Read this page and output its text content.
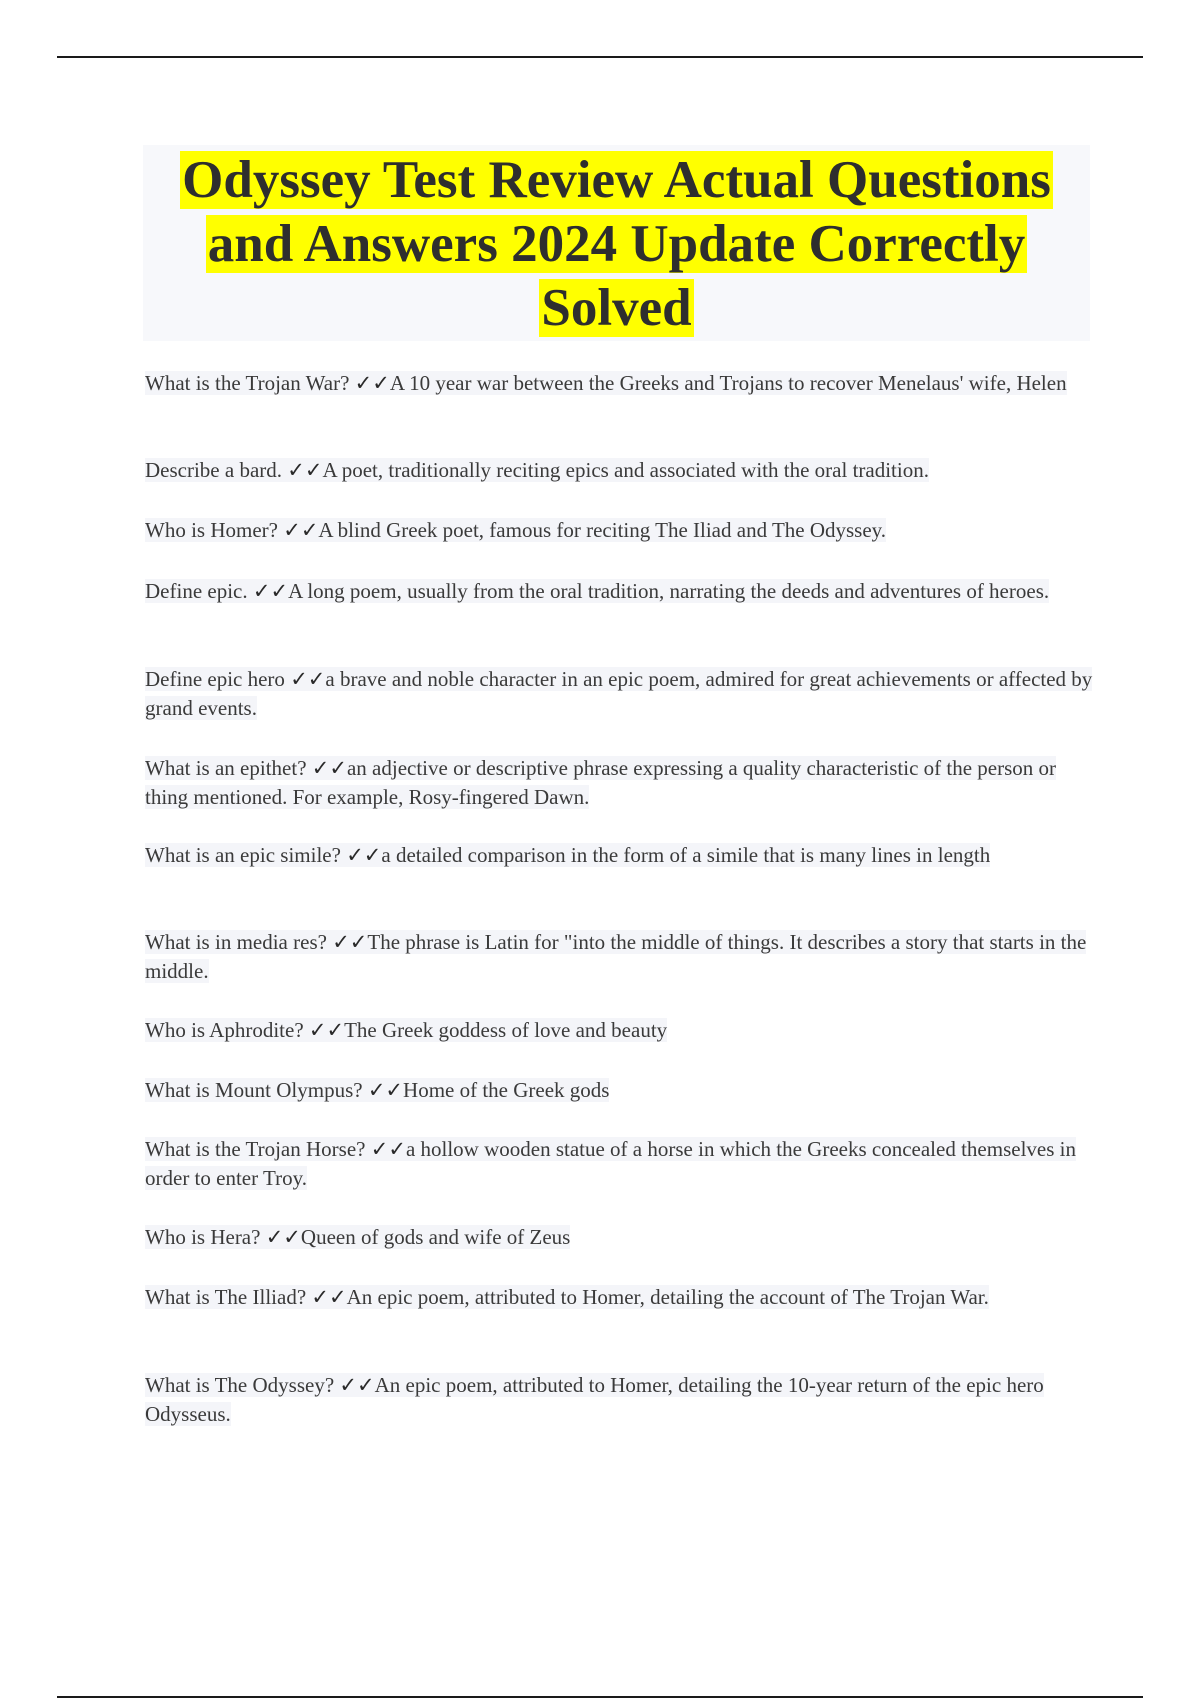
Odyssey Test Review Actual Questions and Answers 2024 Update Correctly Solved
What is the Trojan War? ✓✓A 10 year war between the Greeks and Trojans to recover Menelaus' wife, Helen
Describe a bard. ✓✓A poet, traditionally reciting epics and associated with the oral tradition.
Who is Homer? ✓✓A blind Greek poet, famous for reciting The Iliad and The Odyssey.
Define epic. ✓✓A long poem, usually from the oral tradition, narrating the deeds and adventures of heroes.
Define epic hero ✓✓a brave and noble character in an epic poem, admired for great achievements or affected by grand events.
What is an epithet? ✓✓an adjective or descriptive phrase expressing a quality characteristic of the person or thing mentioned. For example, Rosy-fingered Dawn.
What is an epic simile? ✓✓a detailed comparison in the form of a simile that is many lines in length
What is in media res? ✓✓The phrase is Latin for "into the middle of things. It describes a story that starts in the middle.
Who is Aphrodite? ✓✓The Greek goddess of love and beauty
What is Mount Olympus? ✓✓Home of the Greek gods
What is the Trojan Horse? ✓✓a hollow wooden statue of a horse in which the Greeks concealed themselves in order to enter Troy.
Who is Hera? ✓✓Queen of gods and wife of Zeus
What is The Illiad? ✓✓An epic poem, attributed to Homer, detailing the account of The Trojan War.
What is The Odyssey? ✓✓An epic poem, attributed to Homer, detailing the 10-year return of the epic hero Odysseus.
